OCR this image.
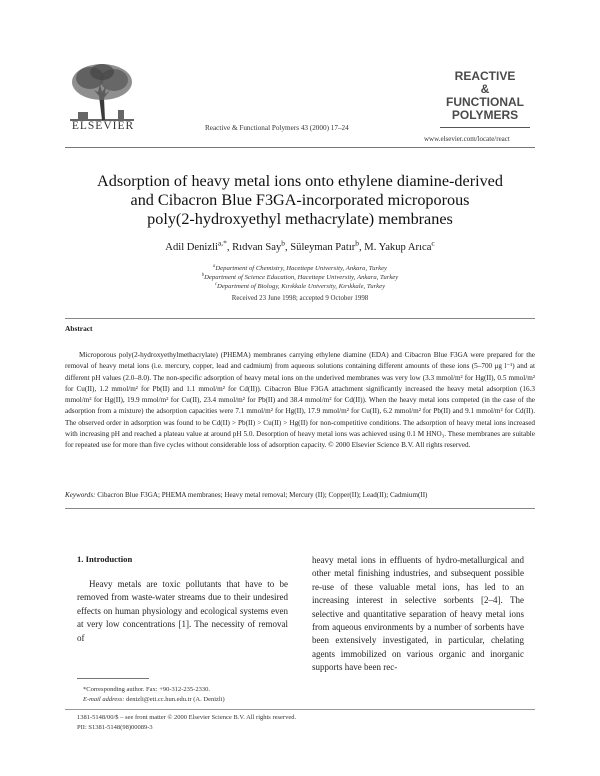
ELSEVIER	Reactive & Functional Polymers 43 (2000) 17–24
REACTIVE
&
FUNCTIONAL
POLYMERS
www.elsevier.com/locate/react
Adsorption of heavy metal ions onto ethylene diamine-derived
and Cibacron Blue F3GA-incorporated microporous
poly(2-hydroxyethyl methacrylate) membranes
Adil Denizli$^{a,*}$, Rıdvan Say$^b$, Süleyman Patır$^b$, M. Yakup Arıca$^c$
$^a$Department of Chemistry, Hacettepe University, Ankara, Turkey
$^b$Department of Science Education, Hacettepe University, Ankara, Turkey
$^c$Department of Biology, Kırıkkale University, Kırıkkale, Turkey
Received 23 June 1998; accepted 9 October 1998
Abstract
Microporous poly(2-hydroxyethylmethacrylate) (PHEMA) membranes carrying ethylene diamine (EDA) and Cibacron Blue F3GA were prepared for the removal of heavy metal ions (i.e. mercury, copper, lead and cadmium) from aqueous solutions containing different amounts of these ions (5–700 μg l⁻¹) and at different pH values (2.0–8.0). The non-specific adsorption of heavy metal ions on the underived membranes was very low (3.3 mmol/m² for Hg(II), 0.5 mmol/m² for Cu(II), 1.2 mmol/m² for Pb(II) and 1.1 mmol/m² for Cd(II)). Cibacron Blue F3GA attachment significantly increased the heavy metal adsorption (16.3 mmol/m² for Hg(II), 19.9 mmol/m² for Cu(II), 23.4 mmol/m² for Pb(II) and 38.4 mmol/m² for Cd(II)). When the heavy metal ions competed (in the case of the adsorption from a mixture) the adsorption capacities were 7.1 mmol/m² for Hg(II), 17.9 mmol/m² for Cu(II), 6.2 mmol/m² for Pb(II) and 9.1 mmol/m² for Cd(II). The observed order in adsorption was found to be Cd(II) > Pb(II) > Cu(II) > Hg(II) for non-competitive conditions. The adsorption of heavy metal ions increased with increasing pH and reached a plateau value at around pH 5.0. Desorption of heavy metal ions was achieved using 0.1 M HNO₃. These membranes are suitable for repeated use for more than five cycles without considerable loss of adsorption capacity. © 2000 Elsevier Science B.V. All rights reserved.
Keywords: Cibacron Blue F3GA; PHEMA membranes; Heavy metal removal; Mercury (II); Copper(II); Lead(II); Cadmium(II)
1. Introduction
Heavy metals are toxic pollutants that have to be removed from waste-water streams due to their undesired effects on human physiology and ecological systems even at very low concentrations [1]. The necessity of removal of
heavy metal ions in effluents of hydro-metallurgical and other metal finishing industries, and subsequent possible re-use of these valuable metal ions, has led to an increasing interest in selective sorbents [2–4]. The selective and quantitative separation of heavy metal ions from aqueous environments by a number of sorbents have been extensively investigated, in particular, chelating agents immobilized on various organic and inorganic supports have been rec-
*Corresponding author. Fax: +90-312-235-2330.
E-mail address: denizli@eti.cc.hun.edu.tr (A. Denizli)
1381-5148/00/$ – see front matter © 2000 Elsevier Science B.V. All rights reserved.
PII: S1381-5148(98)00089-3
